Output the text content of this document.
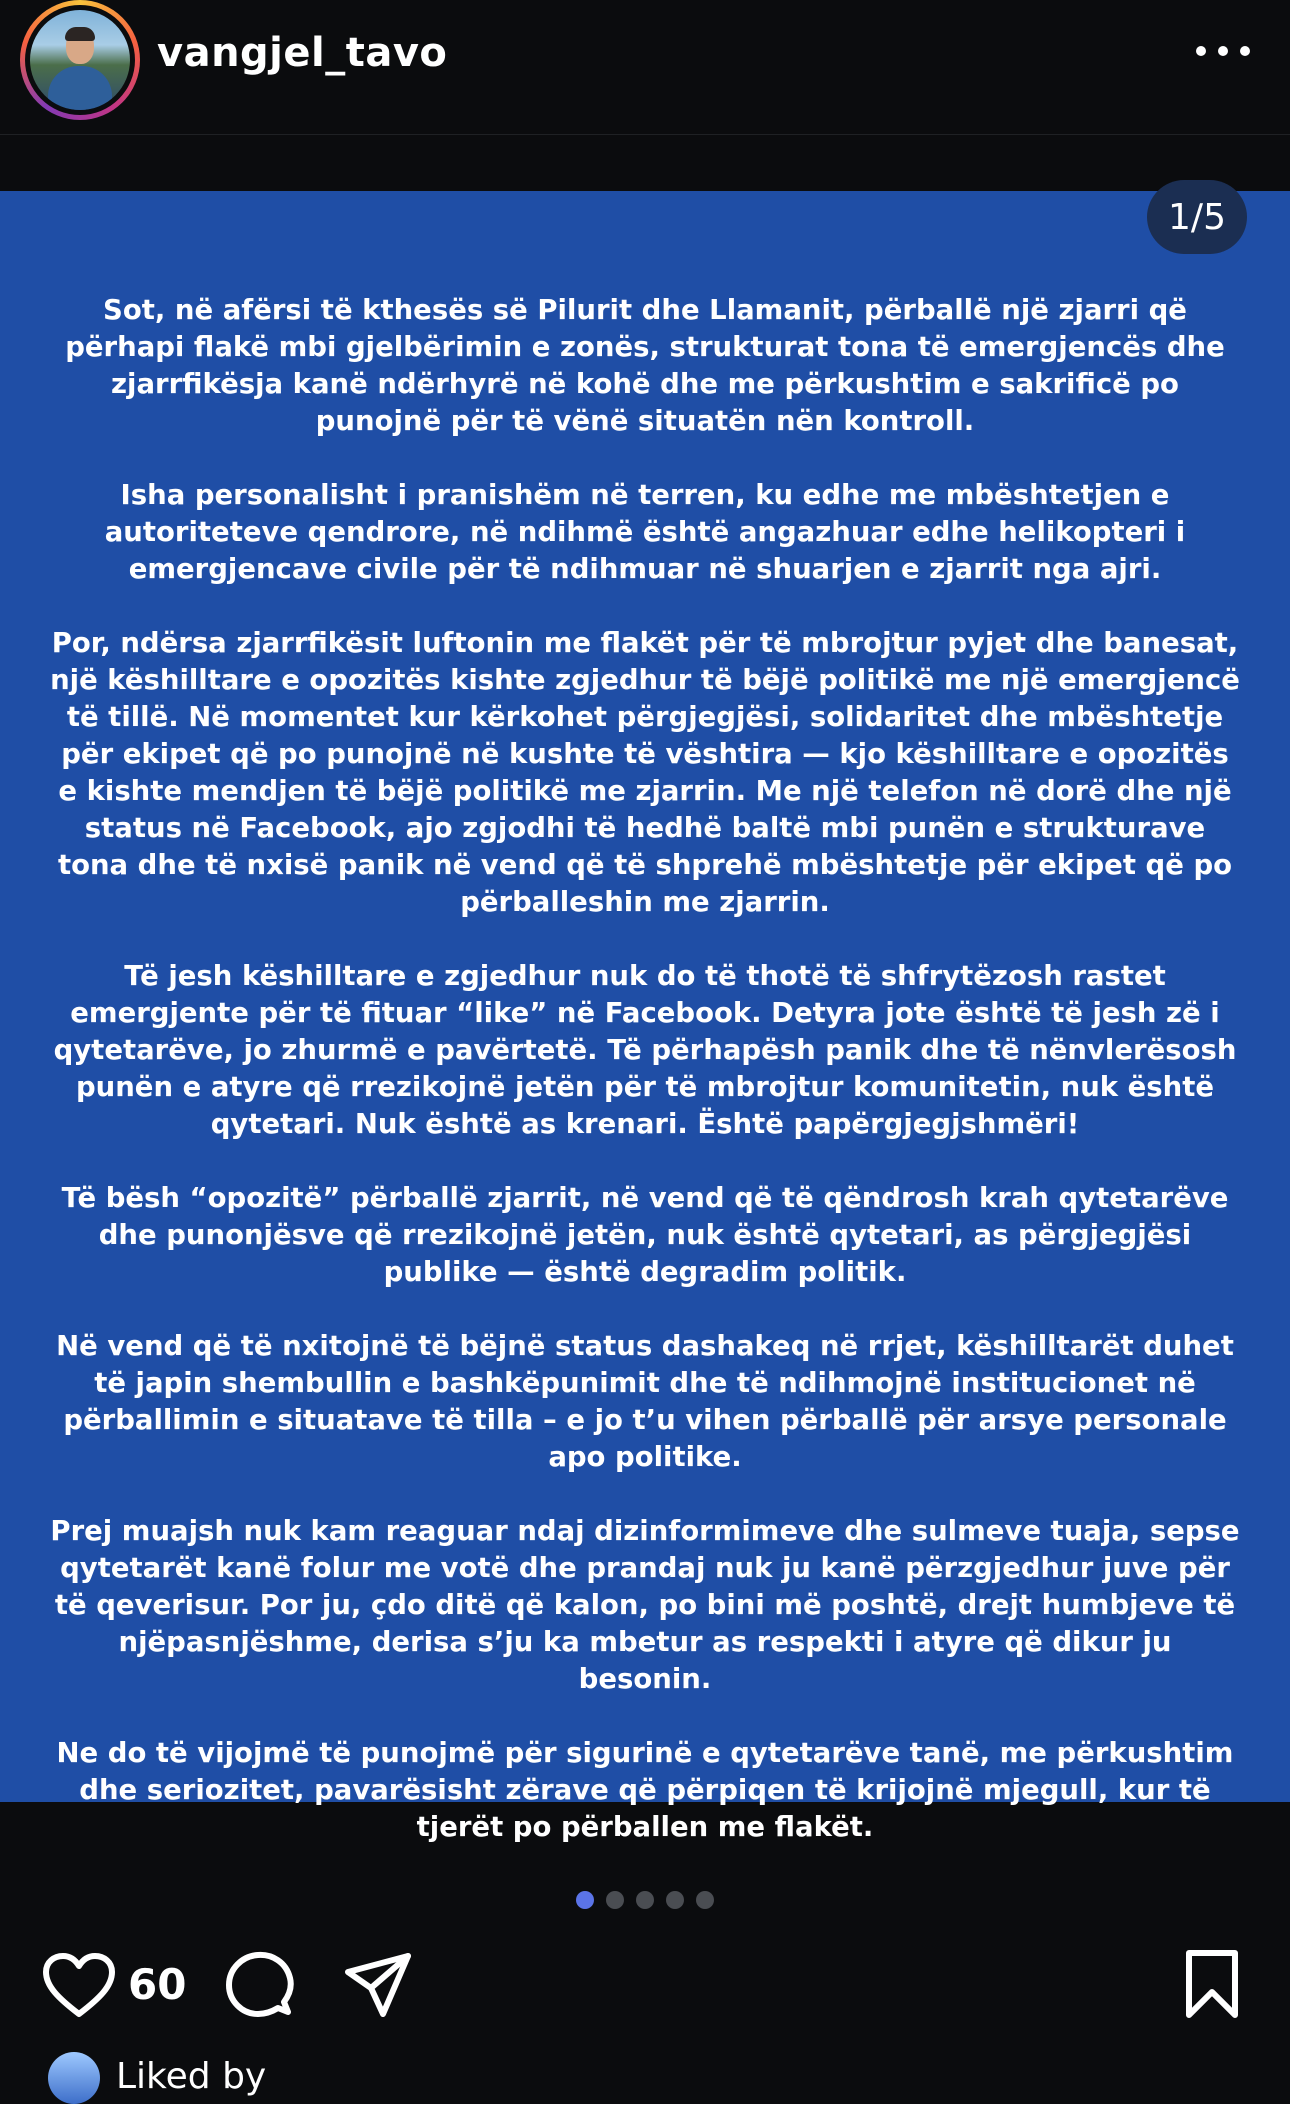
vangjel_tavo
1/5

Sot, në afërsi të kthesës së Pilurit dhe Llamanit, përballë një zjarri që përhapi flakë mbi gjelbërimin e zonës, strukturat tona të emergjencës dhe zjarrfikësja kanë ndërhyrë në kohë dhe me përkushtim e sakrificë po punojnë për të vënë situatën nën kontroll.

Isha personalisht i pranishëm në terren, ku edhe me mbështetjen e autoriteteve qendrore, në ndihmë është angazhuar edhe helikopteri i emergjencave civile për të ndihmuar në shuarjen e zjarrit nga ajri.

Por, ndërsa zjarrfikësit luftonin me flakët për të mbrojtur pyjet dhe banesat, një këshilltare e opozitës kishte zgjedhur të bëjë politikë me një emergjencë të tillë. Në momentet kur kërkohet përgjegjësi, solidaritet dhe mbështetje për ekipet që po punojnë në kushte të vështira — kjo këshilltare e opozitës e kishte mendjen të bëjë politikë me zjarrin. Me një telefon në dorë dhe një status në Facebook, ajo zgjodhi të hedhë baltë mbi punën e strukturave tona dhe të nxisë panik në vend që të shprehë mbështetje për ekipet që po përballeshin me zjarrin.

Të jesh këshilltare e zgjedhur nuk do të thotë të shfrytëzosh rastet emergjente për të fituar “like” në Facebook. Detyra jote është të jesh zë i qytetarëve, jo zhurmë e pavërtetë. Të përhapësh panik dhe të nënvlerësosh punën e atyre që rrezikojnë jetën për të mbrojtur komunitetin, nuk është qytetari. Nuk është as krenari. Është papërgjegjshmëri!

Të bësh “opozitë” përballë zjarrit, në vend që të qëndrosh krah qytetarëve dhe punonjësve që rrezikojnë jetën, nuk është qytetari, as përgjegjësi publike — është degradim politik.

Në vend që të nxitojnë të bëjnë status dashakeq në rrjet, këshilltarët duhet të japin shembullin e bashkëpunimit dhe të ndihmojnë institucionet në përballimin e situatave të tilla – e jo t’u vihen përballë për arsye personale apo politike.

Prej muajsh nuk kam reaguar ndaj dizinformimeve dhe sulmeve tuaja, sepse qytetarët kanë folur me votë dhe prandaj nuk ju kanë përzgjedhur juve për të qeverisur. Por ju, çdo ditë që kalon, po bini më poshtë, drejt humbjeve të njëpasnjëshme, derisa s’ju ka mbetur as respekti i atyre që dikur ju besonin.

Ne do të vijojmë të punojmë për sigurinë e qytetarëve tanë, me përkushtim dhe seriozitet, pavarësisht zërave që përpiqen të krijojnë mjegull, kur të tjerët po përballen me flakët.

60
Liked by
